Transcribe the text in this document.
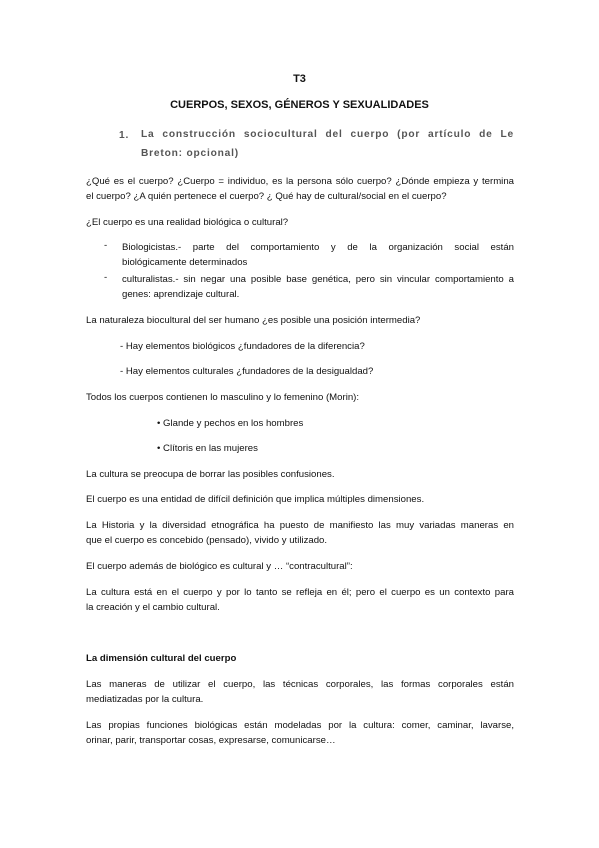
T3
CUERPOS, SEXOS, GÉNEROS Y SEXUALIDADES
1. La construcción sociocultural del cuerpo (por artículo de Le
Breton: opcional)
¿Qué es el cuerpo? ¿Cuerpo = individuo, es la persona sólo cuerpo? ¿Dónde empieza y termina
el cuerpo? ¿A quién pertenece el cuerpo? ¿ Qué hay de cultural/social en el cuerpo?
¿El cuerpo es una realidad biológica o cultural?
- Biologicistas.- parte del comportamiento y de la organización social están
biológicamente determinados
- culturalistas.- sin negar una posible base genética, pero sin vincular comportamiento a
genes: aprendizaje cultural.
La naturaleza biocultural del ser humano ¿es posible una posición intermedia?
- Hay elementos biológicos ¿fundadores de la diferencia?
- Hay elementos culturales ¿fundadores de la desigualdad?
Todos los cuerpos contienen lo masculino y lo femenino (Morin):
• Glande y pechos en los hombres
• Clítoris en las mujeres
La cultura se preocupa de borrar las posibles confusiones.
El cuerpo es una entidad de difícil definición que implica múltiples dimensiones.
La Historia y la diversidad etnográfica ha puesto de manifiesto las muy variadas maneras en
que el cuerpo es concebido (pensado), vivido y utilizado.
El cuerpo además de biológico es cultural y … “contracultural”:
La cultura está en el cuerpo y por lo tanto se refleja en él; pero el cuerpo es un contexto para
la creación y el cambio cultural.
La dimensión cultural del cuerpo
Las maneras de utilizar el cuerpo, las técnicas corporales, las formas corporales están
mediatizadas por la cultura.
Las propias funciones biológicas están modeladas por la cultura: comer, caminar, lavarse,
orinar, parir, transportar cosas, expresarse, comunicarse…
